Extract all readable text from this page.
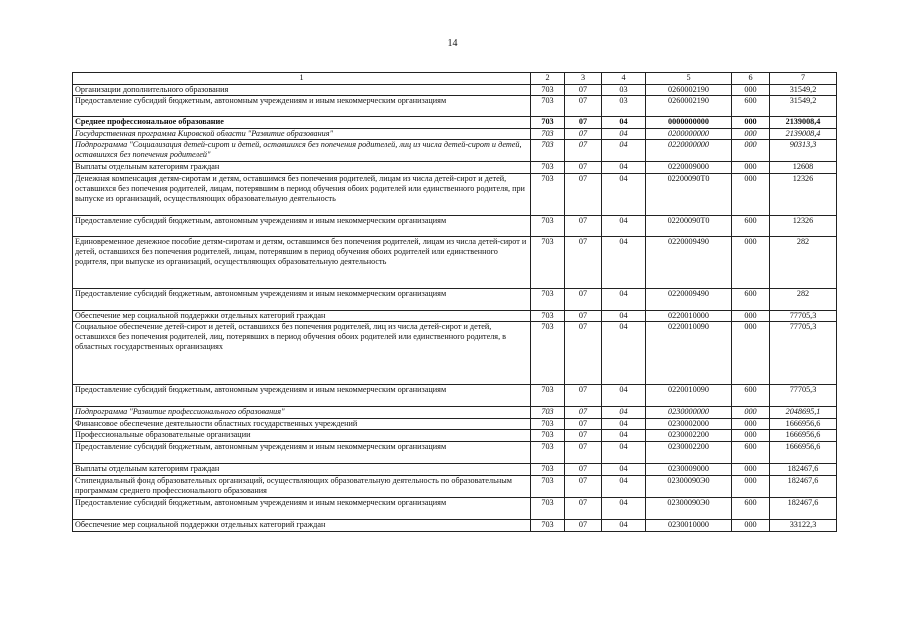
14
1	2	3	4	5	6	7
Организации дополнительного образования	703	07	03	0260002190	000	31549,2
Предоставление субсидий бюджетным, автономным учреждениям и иным некоммерческим организациям	703	07	03	0260002190	600	31549,2
Среднее профессиональное образование	703	07	04	0000000000	000	2139008,4
Государственная программа Кировской области "Развитие образования"	703	07	04	0200000000	000	2139008,4
Подпрограмма "Социализация детей-сирот и детей, оставшихся без попечения родителей, лиц из числа детей-сирот и детей, оставшихся без попечения родителей"	703	07	04	0220000000	000	90313,3
Выплаты отдельным категориям граждан	703	07	04	0220009000	000	12608
Денежная компенсация детям-сиротам и детям, оставшимся без попечения родителей, лицам из числа детей-сирот и детей, оставшихся без попечения родителей, лицам, потерявшим в период обучения обоих родителей или единственного родителя, при выпуске из организаций, осуществляющих образовательную деятельность	703	07	04	02200090Т0	000	12326
Предоставление субсидий бюджетным, автономным учреждениям и иным некоммерческим организациям	703	07	04	02200090Т0	600	12326
Единовременное денежное пособие детям-сиротам и детям, оставшимся без попечения родителей, лицам из числа детей-сирот и детей, оставшихся без попечения родителей, лицам, потерявшим в период обучения обоих родителей или единственного родителя, при выпуске из организаций, осуществляющих образовательную деятельность	703	07	04	0220009490	000	282
Предоставление субсидий бюджетным, автономным учреждениям и иным некоммерческим организациям	703	07	04	0220009490	600	282
Обеспечение мер социальной поддержки отдельных категорий граждан	703	07	04	0220010000	000	77705,3
Социальное обеспечение детей-сирот и детей, оставшихся без попечения родителей, лиц из числа детей-сирот и детей, оставшихся без попечения родителей, лиц, потерявших в период обучения обоих родителей или единственного родителя, в областных государственных организациях	703	07	04	0220010090	000	77705,3
Предоставление субсидий бюджетным, автономным учреждениям и иным некоммерческим организациям	703	07	04	0220010090	600	77705,3
Подпрограмма "Развитие профессионального образования"	703	07	04	0230000000	000	2048695,1
Финансовое обеспечение деятельности областных государственных учреждений	703	07	04	0230002000	000	1666956,6
Профессиональные образовательные организации	703	07	04	0230002200	000	1666956,6
Предоставление субсидий бюджетным, автономным учреждениям и иным некоммерческим организациям	703	07	04	0230002200	600	1666956,6
Выплаты отдельным категориям граждан	703	07	04	0230009000	000	182467,6
Стипендиальный фонд образовательных организаций, осуществляющих образовательную деятельность по образовательным программам среднего профессионального образования	703	07	04	02300090Э0	000	182467,6
Предоставление субсидий бюджетным, автономным учреждениям и иным некоммерческим организациям	703	07	04	02300090Э0	600	182467,6
Обеспечение мер социальной поддержки отдельных категорий граждан	703	07	04	0230010000	000	33122,3
